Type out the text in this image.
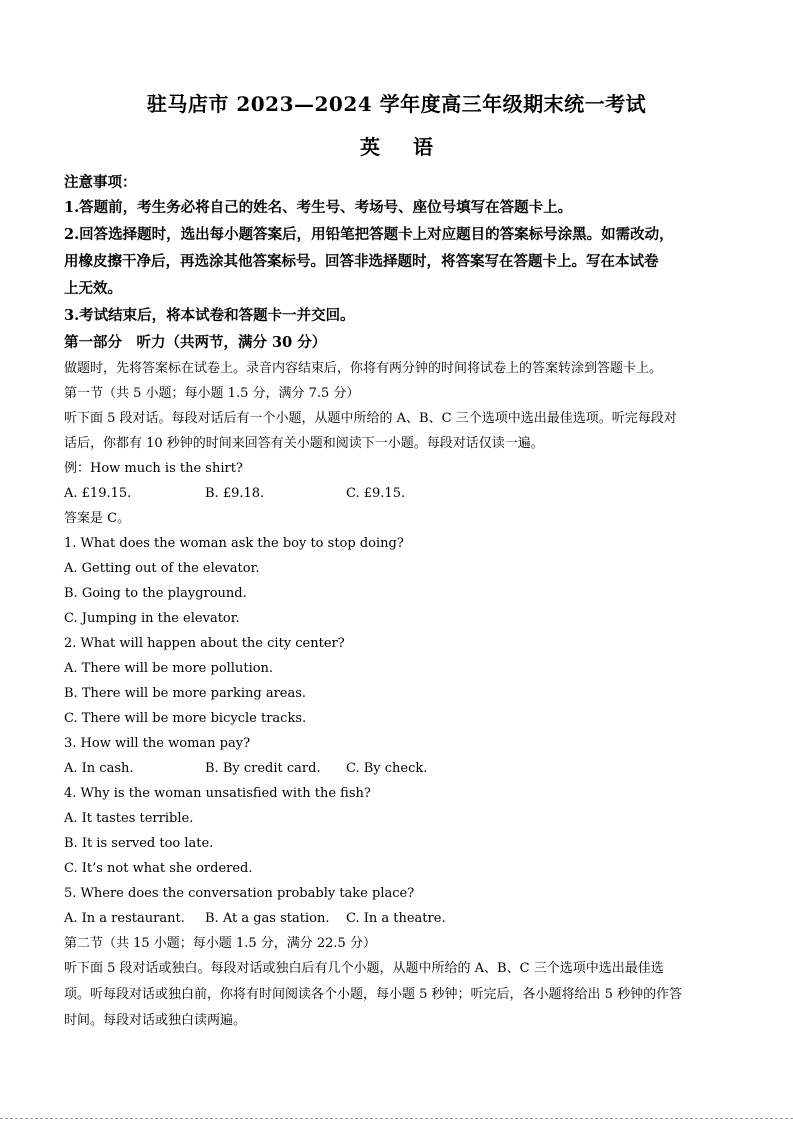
驻马店市 2023—2024 学年度高三年级期末统一考试
英 语
注意事项：
1.答题前，考生务必将自己的姓名、考生号、考场号、座位号填写在答题卡上。
2.回答选择题时，选出每小题答案后，用铅笔把答题卡上对应题目的答案标号涂黑。如需改动，
用橡皮擦干净后，再选涂其他答案标号。回答非选择题时，将答案写在答题卡上。写在本试卷
上无效。
3.考试结束后，将本试卷和答题卡一并交回。
第一部分　听力（共两节，满分 30 分）
做题时，先将答案标在试卷上。录音内容结束后，你将有两分钟的时间将试卷上的答案转涂到答题卡上。
第一节（共 5 小题；每小题 1.5 分，满分 7.5 分）
听下面 5 段对话。每段对话后有一个小题，从题中所给的 A、B、C 三个选项中选出最佳选项。听完每段对
话后，你都有 10 秒钟的时间来回答有关小题和阅读下一小题。每段对话仅读一遍。
例：How much is the shirt?
A. £19.15.	B. £9.18.	C. £9.15.
答案是 C。
1. What does the woman ask the boy to stop doing?
A. Getting out of the elevator.
B. Going to the playground.
C. Jumping in the elevator.
2. What will happen about the city center?
A. There will be more pollution.
B. There will be more parking areas.
C. There will be more bicycle tracks.
3. How will the woman pay?
A. In cash.	B. By credit card.	C. By check.
4. Why is the woman unsatisfied with the fish?
A. It tastes terrible.
B. It is served too late.
C. It’s not what she ordered.
5. Where does the conversation probably take place?
A. In a restaurant.	B. At a gas station.	C. In a theatre.
第二节（共 15 小题；每小题 1.5 分，满分 22.5 分）
听下面 5 段对话或独白。每段对话或独白后有几个小题，从题中所给的 A、B、C 三个选项中选出最佳选
项。听每段对话或独白前，你将有时间阅读各个小题，每小题 5 秒钟；听完后，各小题将给出 5 秒钟的作答
时间。每段对话或独白读两遍。
